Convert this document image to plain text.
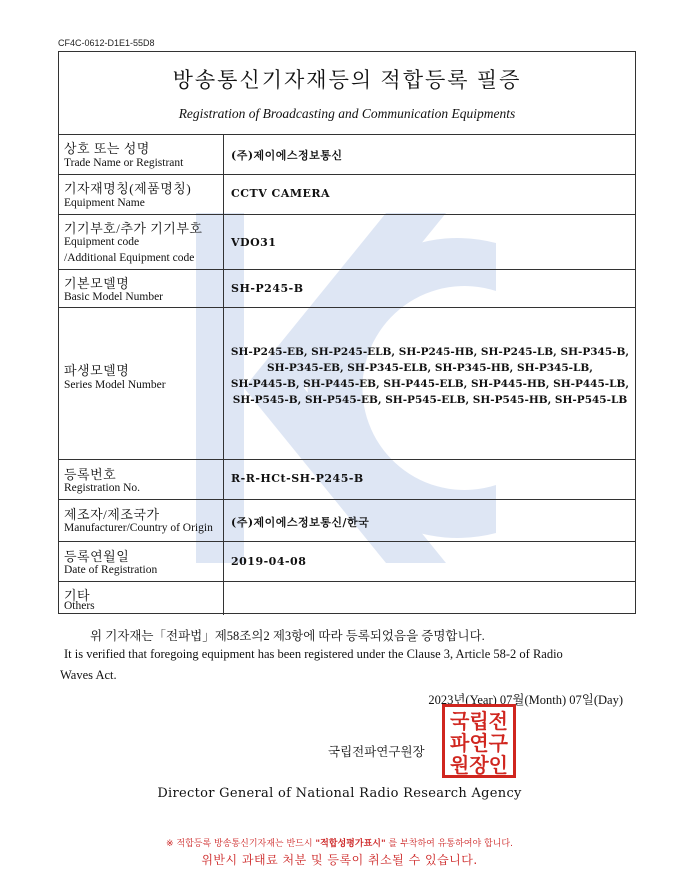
CF4C-0612-D1E1-55D8
방송통신기자재등의 적합등록 필증
Registration of Broadcasting and Communication Equipments
상호 또는 성명
Trade Name or Registrant
(주)제이에스정보통신
기자재명칭(제품명칭)
Equipment Name
CCTV CAMERA
기기부호/추가 기기부호
Equipment code
/Additional Equipment code
VDO31
기본모델명
Basic Model Number
SH-P245-B
파생모델명
Series Model Number
SH-P245-EB, SH-P245-ELB, SH-P245-HB, SH-P245-LB, SH-P345-B,
SH-P345-EB, SH-P345-ELB, SH-P345-HB, SH-P345-LB,
SH-P445-B, SH-P445-EB, SH-P445-ELB, SH-P445-HB, SH-P445-LB,
SH-P545-B, SH-P545-EB, SH-P545-ELB, SH-P545-HB, SH-P545-LB
등록번호
Registration No.
R-R-HCt-SH-P245-B
제조자/제조국가
Manufacturer/Country of Origin (주)제이에스정보통신/한국
등록연월일
Date of Registration
2019-04-08
기타
Others
위 기자재는「전파법」제58조의2 제3항에 따라 등록되었음을 증명합니다.
It is verified that foregoing equipment has been registered under the Clause 3, Article 58-2 of Radio
Waves Act.
2023년(Year) 07월(Month) 07일(Day)
국립전파연구원장
국립전
파연구
원장인
Director General of National Radio Research Agency
※ 적합등록 방송통신기자재는 반드시 "적합성평가표시" 를 부착하여 유통하여야 합니다.
위반시 과태료 처분 및 등록이 취소될 수 있습니다.
